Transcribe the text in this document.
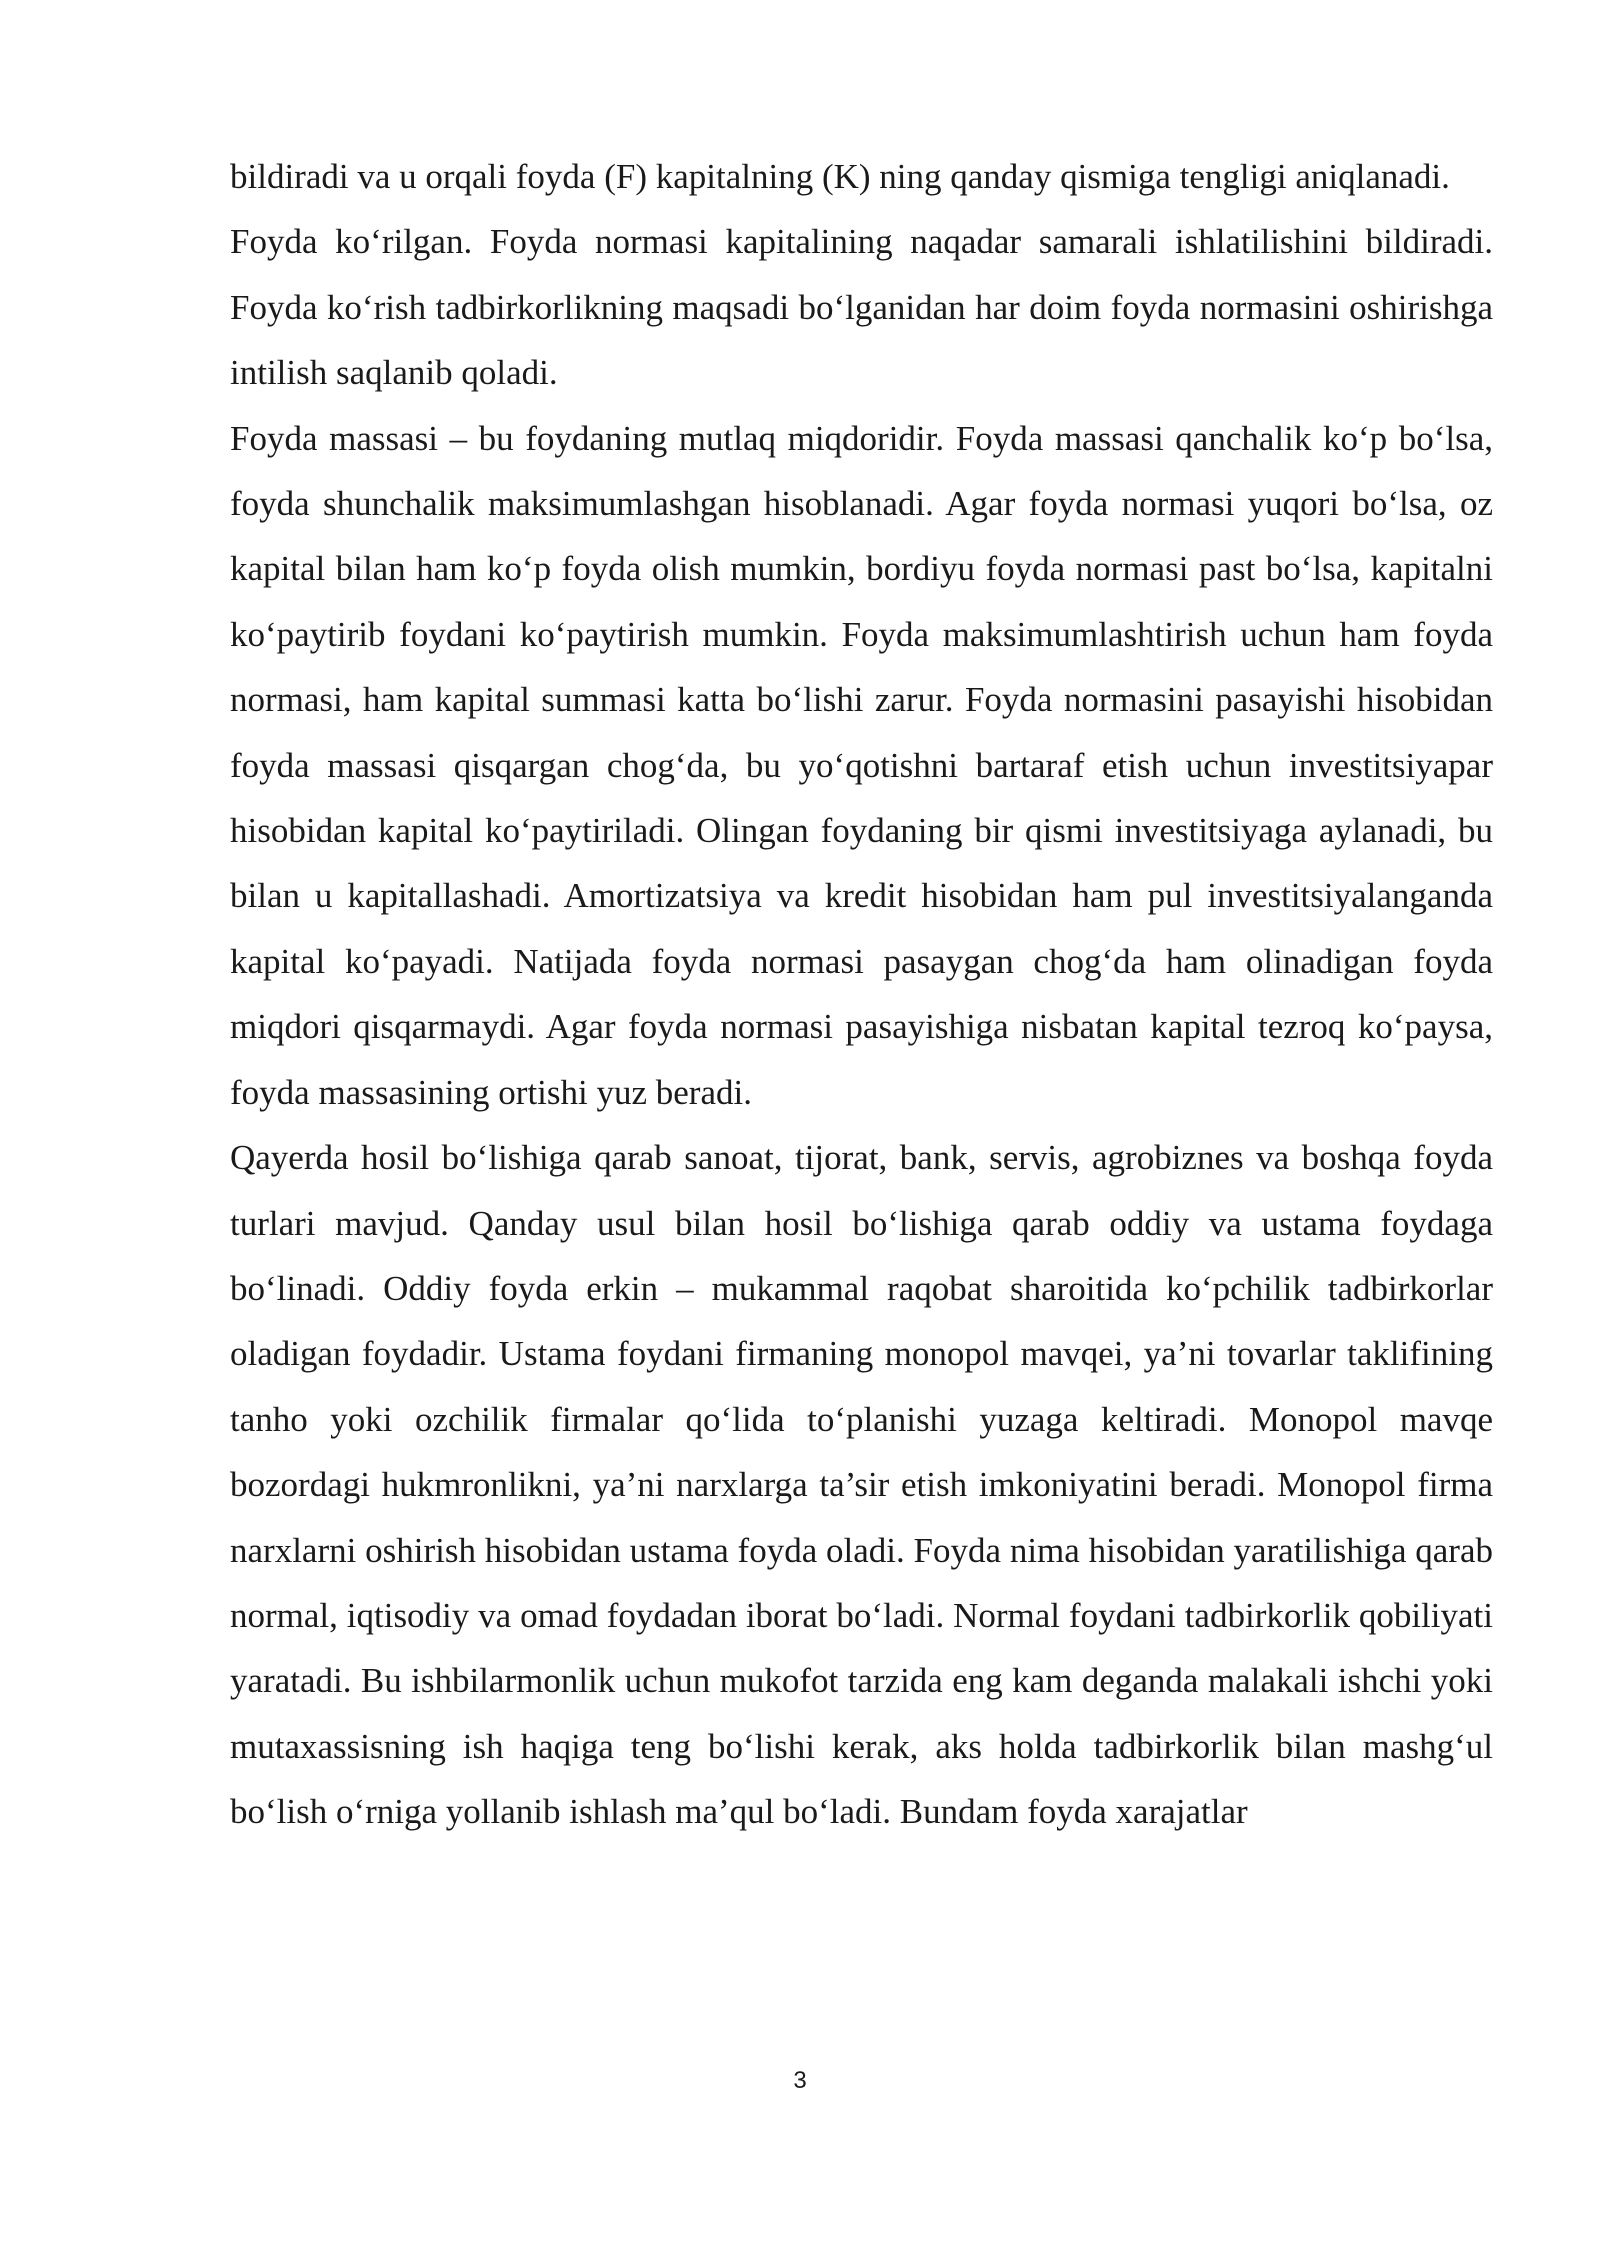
bildiradi va u orqali foyda (F) kapitalning (K) ning qanday qismiga tengligi aniqlanadi.

Foyda ko‘rilgan. Foyda normasi kapitalining naqadar samarali ishlatilishini bildiradi. Foyda ko‘rish tadbirkorlikning maqsadi bo‘lganidan har doim foyda normasini oshirishga intilish saqlanib qoladi.

Foyda massasi – bu foydaning mutlaq miqdoridir. Foyda massasi qanchalik ko‘p bo‘lsa, foyda shunchalik maksimumlashgan hisoblanadi. Agar foyda normasi yuqori bo‘lsa, oz kapital bilan ham ko‘p foyda olish mumkin, bordiyu foyda normasi past bo‘lsa, kapitalni ko‘paytirib foydani ko‘paytirish mumkin. Foyda maksimumlashtirish uchun ham foyda normasi, ham kapital summasi katta bo‘lishi zarur. Foyda normasini pasayishi hisobidan foyda massasi qisqargan chog‘da, bu yo‘qotishni bartaraf etish uchun investitsiyapar hisobidan kapital ko‘paytiriladi. Olingan foydaning bir qismi investitsiyaga aylanadi, bu bilan u kapitallashadi. Amortizatsiya va kredit hisobidan ham pul investitsiyalanganda kapital ko‘payadi. Natijada foyda normasi pasaygan chog‘da ham olinadigan foyda miqdori qisqarmaydi. Agar foyda normasi pasayishiga nisbatan kapital tezroq ko‘paysa, foyda massasining ortishi yuz beradi.

Qayerda hosil bo‘lishiga qarab sanoat, tijorat, bank, servis, agrobiznes va boshqa foyda turlari mavjud. Qanday usul bilan hosil bo‘lishiga qarab oddiy va ustama foydaga bo‘linadi. Oddiy foyda erkin – mukammal raqobat sharoitida ko‘pchilik tadbirkorlar oladigan foydadir. Ustama foydani firmaning monopol mavqei, ya’ni tovarlar taklifining tanho yoki ozchilik firmalar qo‘lida to‘planishi yuzaga keltiradi. Monopol mavqe bozordagi hukmronlikni, ya’ni narxlarga ta’sir etish imkoniyatini beradi. Monopol firma narxlarni oshirish hisobidan ustama foyda oladi. Foyda nima hisobidan yaratilishiga qarab normal, iqtisodiy va omad foydadan iborat bo‘ladi. Normal foydani tadbirkorlik qobiliyati yaratadi. Bu ishbilarmonlik uchun mukofot tarzida eng kam deganda malakali ishchi yoki mutaxassisning ish haqiga teng bo‘lishi kerak, aks holda tadbirkorlik bilan mashg‘ul bo‘lish o‘rniga yollanib ishlash ma’qul bo‘ladi. Bundam foyda xarajatlar

3
